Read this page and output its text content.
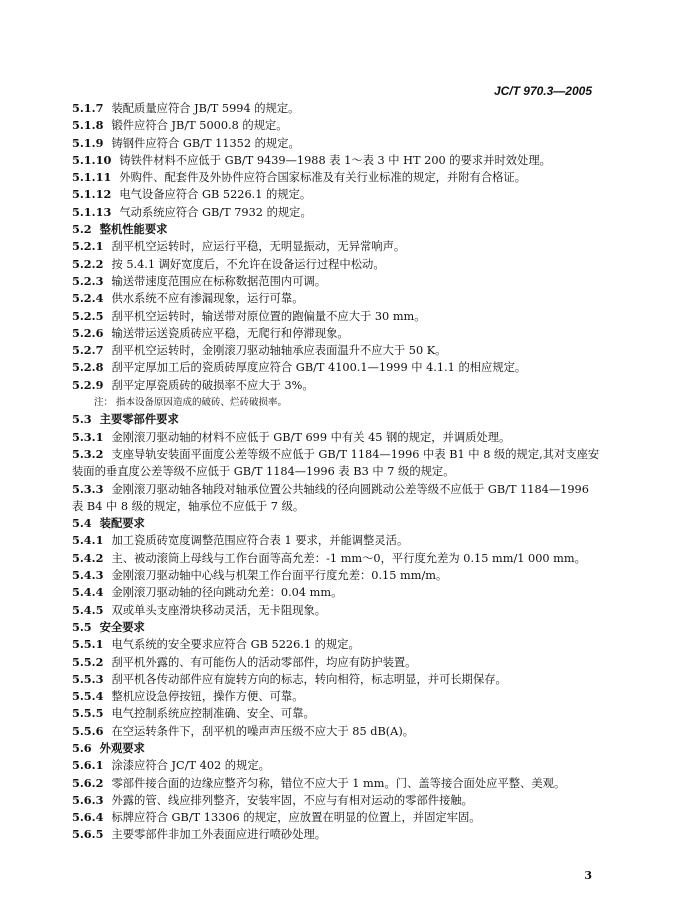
JC/T 970.3—2005
5.1.7 装配质量应符合 JB/T 5994 的规定。
5.1.8 锻件应符合 JB/T 5000.8 的规定。
5.1.9 铸钢件应符合 GB/T 11352 的规定。
5.1.10 铸铁件材料不应低于 GB/T 9439—1988 表 1～表 3 中 HT 200 的要求并时效处理。
5.1.11 外购件、配套件及外协件应符合国家标准及有关行业标准的规定，并附有合格证。
5.1.12 电气设备应符合 GB 5226.1 的规定。
5.1.13 气动系统应符合 GB/T 7932 的规定。
5.2 整机性能要求
5.2.1 刮平机空运转时，应运行平稳，无明显振动，无异常响声。
5.2.2 按 5.4.1 调好宽度后，不允许在设备运行过程中松动。
5.2.3 输送带速度范围应在标称数据范围内可调。
5.2.4 供水系统不应有渗漏现象，运行可靠。
5.2.5 刮平机空运转时，输送带对原位置的跑偏量不应大于 30 mm。
5.2.6 输送带运送瓷质砖应平稳，无爬行和停滞现象。
5.2.7 刮平机空运转时，金刚滚刀驱动轴轴承应表面温升不应大于 50 K。
5.2.8 刮平定厚加工后的瓷质砖厚度应符合 GB/T 4100.1—1999 中 4.1.1 的相应规定。
5.2.9 刮平定厚瓷质砖的破损率不应大于 3%。
注： 指本设备原因造成的破砖、烂砖破损率。
5.3 主要零部件要求
5.3.1 金刚滚刀驱动轴的材料不应低于 GB/T 699 中有关 45 钢的规定，并调质处理。
5.3.2 支座导轨安装面平面度公差等级不应低于 GB/T 1184—1996 中表 B1 中 8 级的规定,其对支座安装面的垂直度公差等级不应低于 GB/T 1184—1996 表 B3 中 7 级的规定。
5.3.3 金刚滚刀驱动轴各轴段对轴承位置公共轴线的径向圆跳动公差等级不应低于 GB/T 1184—1996 表 B4 中 8 级的规定，轴承位不应低于 7 级。
5.4 装配要求
5.4.1 加工瓷质砖宽度调整范围应符合表 1 要求，并能调整灵活。
5.4.2 主、被动滚筒上母线与工作台面等高允差：-1 mm～0，平行度允差为 0.15 mm/1 000 mm。
5.4.3 金刚滚刀驱动轴中心线与机架工作台面平行度允差：0.15 mm/m。
5.4.4 金刚滚刀驱动轴的径向跳动允差：0.04 mm。
5.4.5 双或单头支座滑块移动灵活，无卡阻现象。
5.5 安全要求
5.5.1 电气系统的安全要求应符合 GB 5226.1 的规定。
5.5.2 刮平机外露的、有可能伤人的活动零部件，均应有防护装置。
5.5.3 刮平机各传动部件应有旋转方向的标志，转向相符，标志明显，并可长期保存。
5.5.4 整机应设急停按钮，操作方便、可靠。
5.5.5 电气控制系统应控制准确、安全、可靠。
5.5.6 在空运转条件下，刮平机的噪声声压级不应大于 85 dB(A)。
5.6 外观要求
5.6.1 涂漆应符合 JC/T 402 的规定。
5.6.2 零部件接合面的边缘应整齐匀称，错位不应大于 1 mm。门、盖等接合面处应平整、美观。
5.6.3 外露的管、线应排列整齐，安装牢固，不应与有相对运动的零部件接触。
5.6.4 标牌应符合 GB/T 13306 的规定，应放置在明显的位置上，并固定牢固。
5.6.5 主要零部件非加工外表面应进行喷砂处理。
3
